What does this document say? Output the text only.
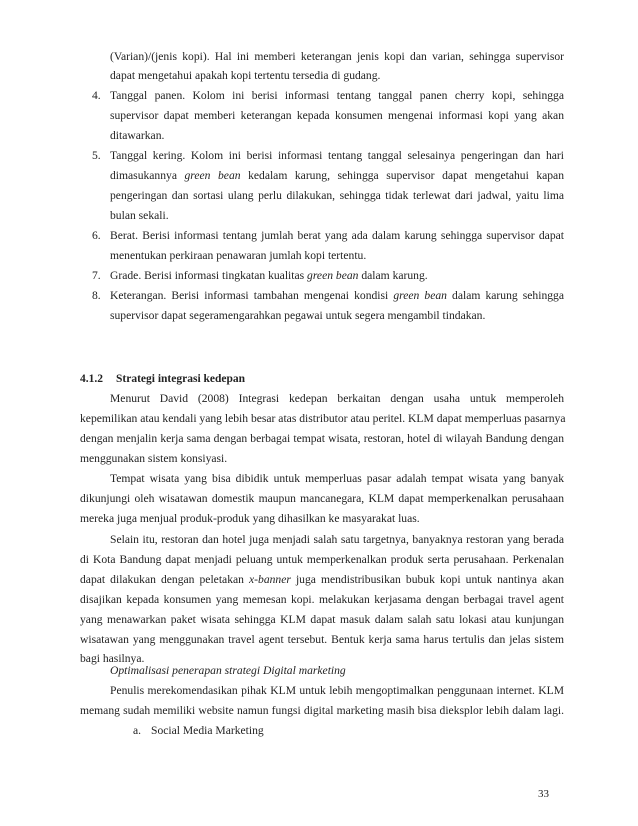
(Varian)/(jenis kopi). Hal ini memberi keterangan jenis kopi dan varian, sehingga supervisor
dapat mengetahui apakah kopi tertentu tersedia di gudang.
4. Tanggal panen. Kolom ini berisi informasi tentang tanggal panen cherry kopi, sehingga
supervisor dapat memberi keterangan kepada konsumen mengenai informasi kopi yang akan
ditawarkan.
5. Tanggal kering. Kolom ini berisi informasi tentang tanggal selesainya pengeringan dan hari
dimasukannya green bean kedalam karung, sehingga supervisor dapat mengetahui kapan
pengeringan dan sortasi ulang perlu dilakukan, sehingga tidak terlewat dari jadwal, yaitu lima
bulan sekali.
6. Berat. Berisi informasi tentang jumlah berat yang ada dalam karung sehingga supervisor dapat
menentukan perkiraan penawaran jumlah kopi tertentu.
7. Grade. Berisi informasi tingkatan kualitas green bean dalam karung.
8. Keterangan. Berisi informasi tambahan mengenai kondisi green bean dalam karung sehingga
supervisor dapat segeramengarahkan pegawai untuk segera mengambil tindakan.
4.1.2 Strategi integrasi kedepan
Menurut David (2008) Integrasi kedepan berkaitan dengan usaha untuk memperoleh
kepemilikan atau kendali yang lebih besar atas distributor atau peritel. KLM dapat memperluas pasarnya
dengan menjalin kerja sama dengan berbagai tempat wisata, restoran, hotel di wilayah Bandung dengan
menggunakan sistem konsiyasi.
Tempat wisata yang bisa dibidik untuk memperluas pasar adalah tempat wisata yang banyak
dikunjungi oleh wisatawan domestik maupun mancanegara, KLM dapat memperkenalkan perusahaan
mereka juga menjual produk-produk yang dihasilkan ke masyarakat luas.
Selain itu, restoran dan hotel juga menjadi salah satu targetnya, banyaknya restoran yang berada
di Kota Bandung dapat menjadi peluang untuk memperkenalkan produk serta perusahaan. Perkenalan
dapat dilakukan dengan peletakan x-banner juga mendistribusikan bubuk kopi untuk nantinya akan
disajikan kepada konsumen yang memesan kopi. melakukan kerjasama dengan berbagai travel agent
yang menawarkan paket wisata sehingga KLM dapat masuk dalam salah satu lokasi atau kunjungan
wisatawan yang menggunakan travel agent tersebut. Bentuk kerja sama harus tertulis dan jelas sistem
bagi hasilnya.
Optimalisasi penerapan strategi Digital marketing
Penulis merekomendasikan pihak KLM untuk lebih mengoptimalkan penggunaan internet. KLM
memang sudah memiliki website namun fungsi digital marketing masih bisa dieksplor lebih dalam lagi.
a. Social Media Marketing
33
